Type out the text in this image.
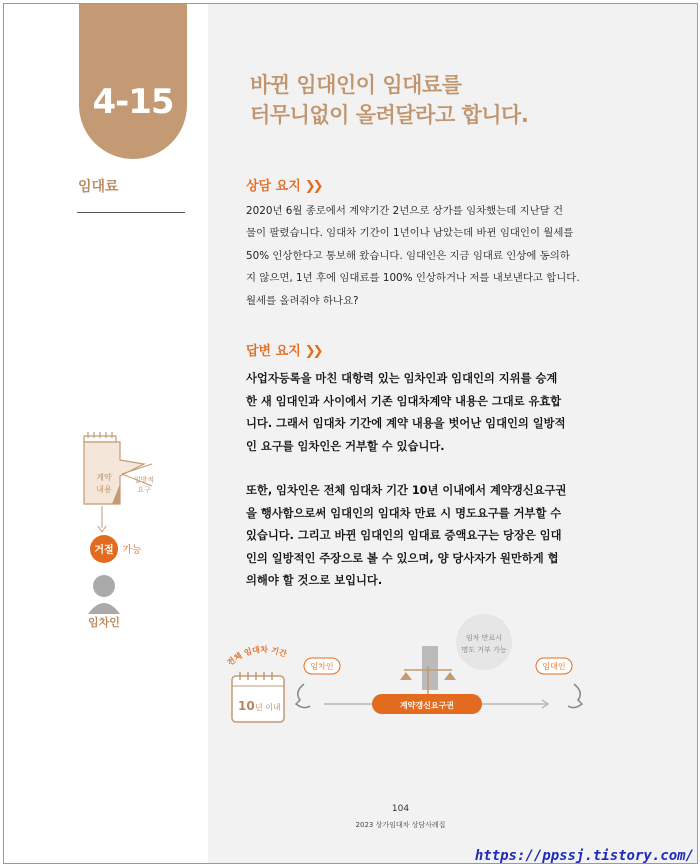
4-15
임대료
바뀐 임대인이 임대료를
터무니없이 올려달라고 합니다.
상담 요지 ❯❯
2020년 6월 종로에서 계약기간 2년으로 상가를 임차했는데 지난달 건
물이 팔렸습니다. 임대차 기간이 1년이나 남았는데 바뀐 임대인이 월세를
50% 인상한다고 통보해 왔습니다. 임대인은 지금 임대료 인상에 동의하
지 않으면, 1년 후에 임대료를 100% 인상하거나 저를 내보낸다고 합니다.
월세를 올려줘야 하나요?
답변 요지 ❯❯
사업자등록을 마친 대항력 있는 임차인과 임대인의 지위를 승계
한 새 임대인과 사이에서 기존 임대차계약 내용은 그대로 유효합
니다. 그래서 임대차 기간에 계약 내용을 벗어난 임대인의 일방적
인 요구를 임차인은 거부할 수 있습니다.
또한, 임차인은 전체 임대차 기간 10년 이내에서 계약갱신요구권
을 행사함으로써 임대인의 임대차 만료 시 명도요구를 거부할 수
있습니다. 그리고 바뀐 임대인의 임대료 증액요구는 당장은 임대
인의 일방적인 주장으로 볼 수 있으며, 양 당사자가 원만하게 협
의해야 할 것으로 보입니다.
계약
내용
일방적
요구
거절 가능
임차인
전체 임대차 기간
10 년 이내
임차인
임차 만료시
명도 거부 가능
계약갱신요구권
임대인
104
2023 상가임대차 상담사례집
https://ppssj.tistory.com/
